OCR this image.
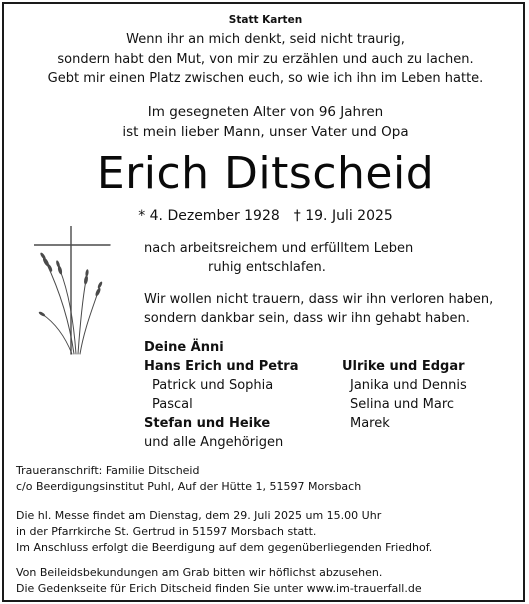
Statt Karten
Wenn ihr an mich denkt, seid nicht traurig,
sondern habt den Mut, von mir zu erzählen und auch zu lachen.
Gebt mir einen Platz zwischen euch, so wie ich ihn im Leben hatte.
Im gesegneten Alter von 96 Jahren
ist mein lieber Mann, unser Vater und Opa
Erich Ditscheid
* 4. Dezember 1928 † 19. Juli 2025
nach arbeitsreichem und erfülltem Leben
ruhig entschlafen.
Wir wollen nicht trauern, dass wir ihn verloren haben,
sondern dankbar sein, dass wir ihn gehabt haben.
Deine Änni
Hans Erich und Petra
Patrick und Sophia
Pascal
Stefan und Heike
und alle Angehörigen
Ulrike und Edgar
Janika und Dennis
Selina und Marc
Marek
Traueranschrift: Familie Ditscheid
c/o Beerdigungsinstitut Puhl, Auf der Hütte 1, 51597 Morsbach
Die hl. Messe findet am Dienstag, dem 29. Juli 2025 um 15.00 Uhr
in der Pfarrkirche St. Gertrud in 51597 Morsbach statt.
Im Anschluss erfolgt die Beerdigung auf dem gegenüberliegenden Friedhof.
Von Beileidsbekundungen am Grab bitten wir höflichst abzusehen.
Die Gedenkseite für Erich Ditscheid finden Sie unter www.im-trauerfall.de
